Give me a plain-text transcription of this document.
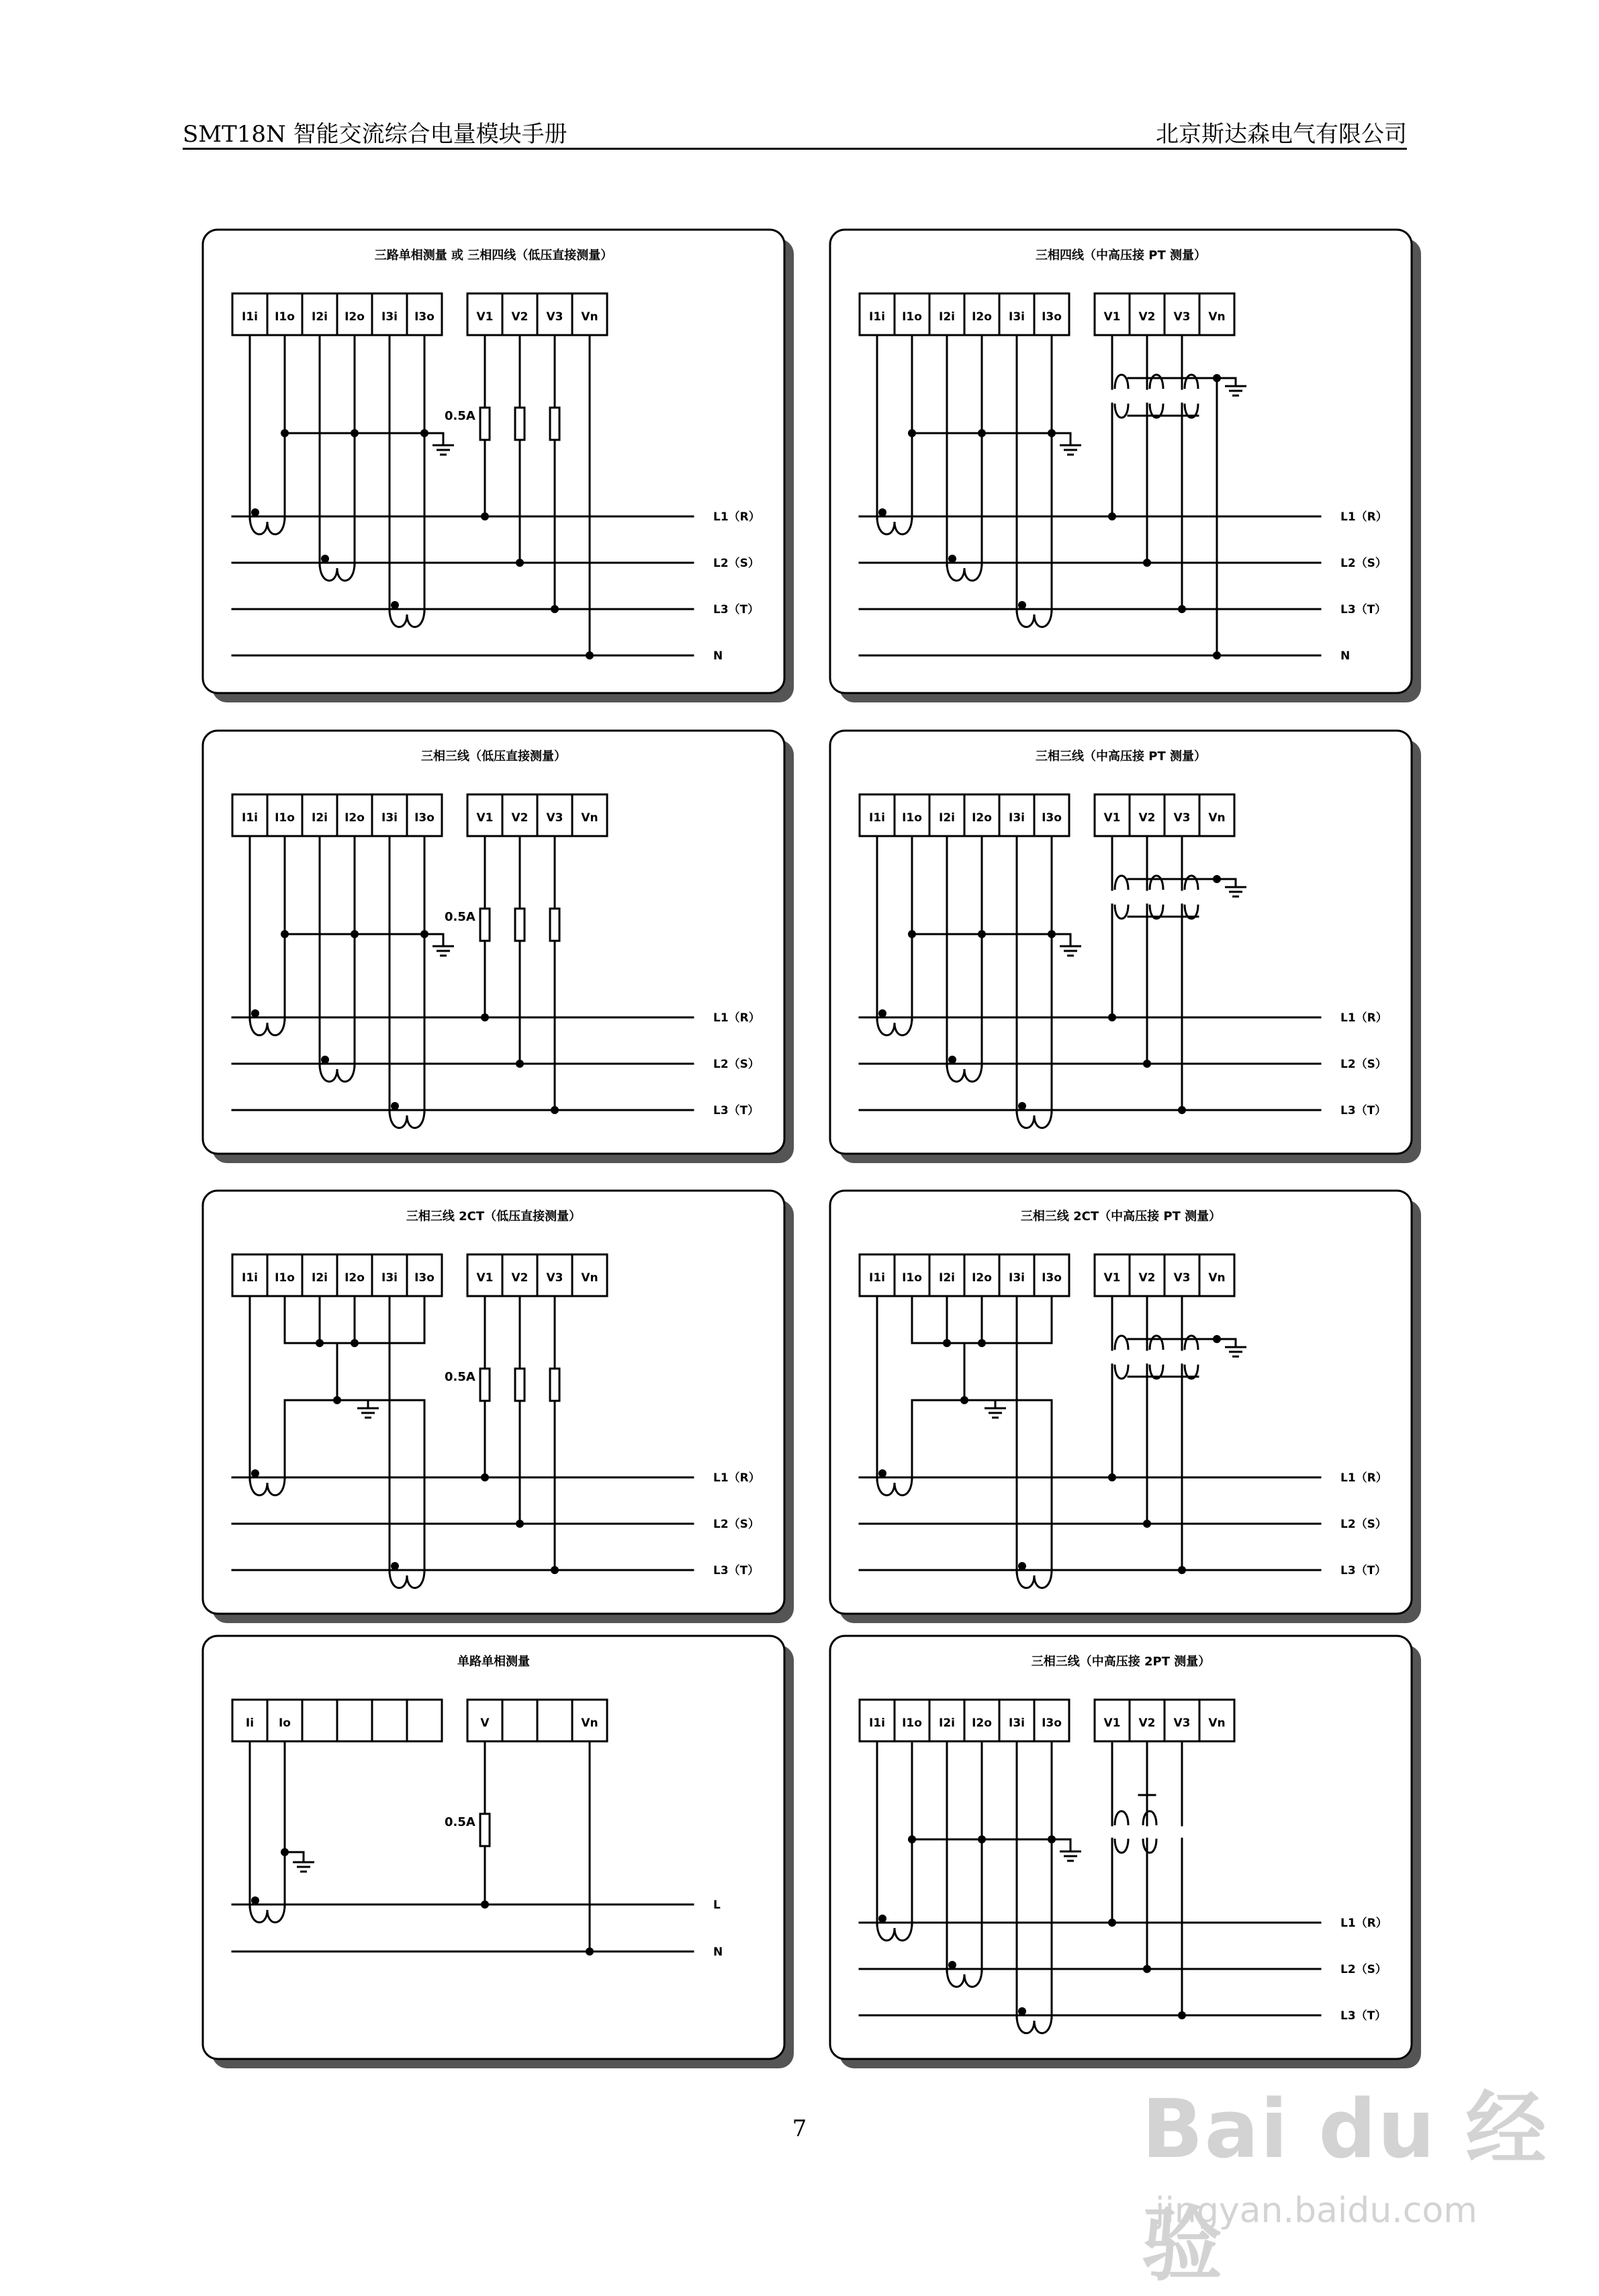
SMT18N 智能交流综合电量模块手册	北京斯达森电气有限公司
三路单相测量 或 三相四线（低压直接测量）
I1i I1o I2i I2o I3i I3o	V1 V2 V3 Vn
L1（R）
L2（S）
L3（T）
N
0.5A
三相四线（中高压接 PT 测量）
I1i I1o I2i I2o I3i I3o	V1 V2 V3 Vn
L1（R）
L2（S）
L3（T）
N
三相三线（低压直接测量）
I1i I1o I2i I2o I3i I3o	V1 V2 V3 Vn
L1（R）
L2（S）
L3（T）
0.5A
三相三线（中高压接 PT 测量）
I1i I1o I2i I2o I3i I3o	V1 V2 V3 Vn
L1（R）
L2（S）
L3（T）
三相三线 2CT（低压直接测量）
I1i I1o I2i I2o I3i I3o	V1 V2 V3 Vn
L1（R）
L2（S）
L3（T）
0.5A
三相三线 2CT（中高压接 PT 测量）
I1i I1o I2i I2o I3i I3o	V1 V2 V3 Vn
L1（R）
L2（S）
L3（T）
单路单相测量
Ii Io	V	Vn
L
N
0.5A
三相三线（中高压接 2PT 测量）
I1i I1o I2i I2o I3i I3o	V1 V2 V3 Vn
L1（R）
L2（S）
L3（T）
7	Bai du 经验
jingyan.baidu.com
